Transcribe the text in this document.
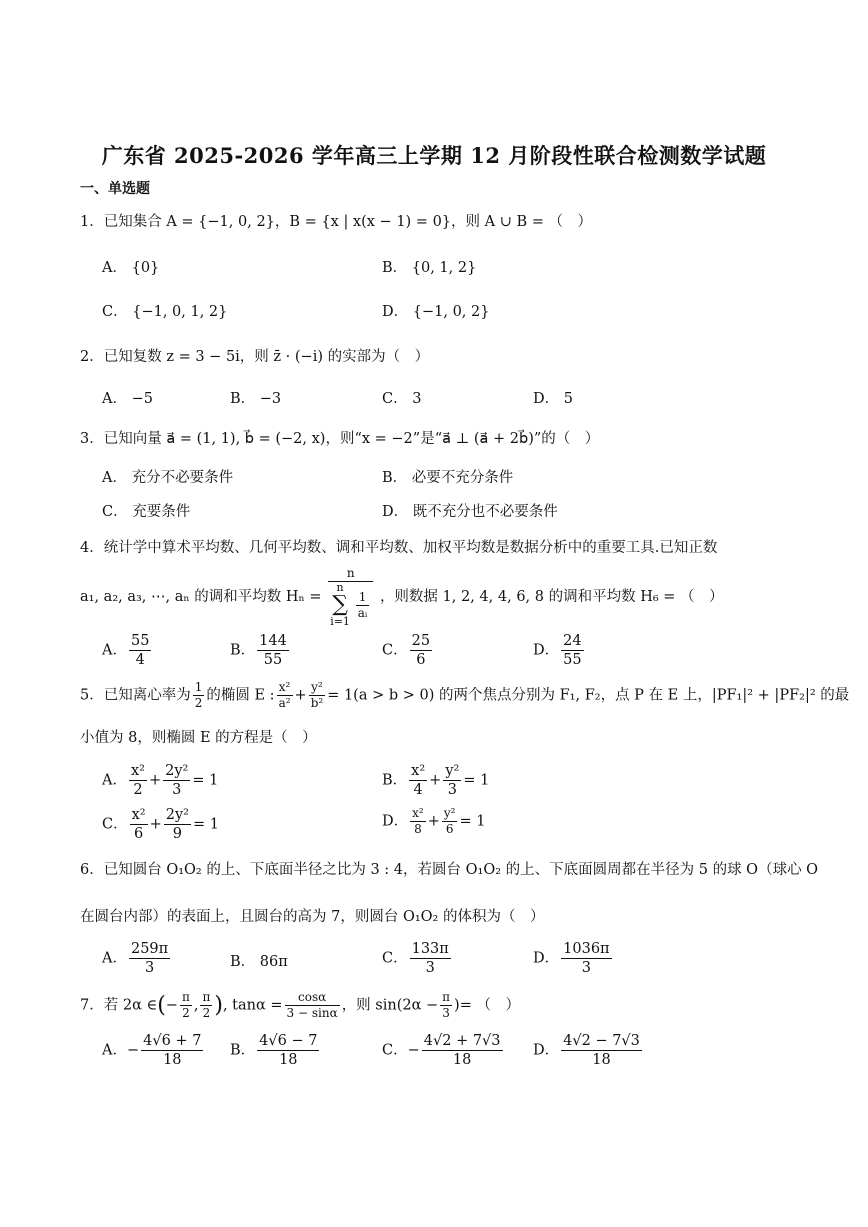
广东省 2025-2026 学年高三上学期 12 月阶段性联合检测数学试题
一、单选题
1．已知集合 A = {−1, 0, 2}，B = {x | x(x − 1) = 0}，则 A ∪ B = （　）
A． {0}	B． {0, 1, 2}
C． {−1, 0, 1, 2}	D． {−1, 0, 2}
2．已知复数 z = 3 − 5i，则 z̄ · (−i) 的实部为（　）
A． −5	B． −3	C． 3	D． 5
3．已知向量 a⃗ = (1, 1), b⃗ = (−2, x)，则“x = −2”是“a⃗ ⊥ (a⃗ + 2b⃗)”的（　）
A． 充分不必要条件	B． 必要不充分条件
C． 充要条件	D． 既不充分也不必要条件
4．统计学中算术平均数、几何平均数、调和平均数、加权平均数是数据分析中的重要工具.已知正数
a₁, a₂, a₃, ⋯, aₙ 的调和平均数 Hₙ = n
n
∑
i=1

$\frac{1}{\text{aᵢ}}$ ，则数据 1, 2, 4, 4, 6, 8 的调和平均数 H₆ = （　）
A． $\frac{55}{4}$	B． $\frac{144}{55}$	C． $\frac{25}{6}$	D． $\frac{24}{55}$
5．已知离心率为 $\frac{1}{2}$ 的椭圆 E : $\frac{\text{x²}}{\text{a²}} + \frac{\text{y²}}{\text{b²}} = 1(a > b > 0)$ 的两个焦点分别为 F₁, F₂，点 P 在 E 上，|PF₁|² + |PF₂|² 的最
小值为 8，则椭圆 E 的方程是（　）
A． $\frac{\text{x²}}{2} + \frac{\text{2y²}}{3} = 1$	B． $\frac{\text{x²}}{4} + \frac{\text{y²}}{3} = 1$
C． $\frac{\text{x²}}{6} + \frac{\text{2y²}}{9} = 1$	D． $\frac{\text{x²}}{8} + \frac{\text{y²}}{6} = 1$
6．已知圆台 O₁O₂ 的上、下底面半径之比为 3 : 4，若圆台 O₁O₂ 的上、下底面圆周都在半径为 5 的球 O（球心 O
在圆台内部）的表面上，且圆台的高为 7，则圆台 O₁O₂ 的体积为（　）
A． $\frac{259\pi}{3}$	B． 86π	C． $\frac{133\pi}{3}$	D． $\frac{1036\pi}{3}$
7．若 2α ∈(− $\frac{\pi}{2}$ , $\frac{\pi}{2}$ ), $\tan\alpha = \frac{\cos\alpha}{3 - \sin\alpha}$ ，则 $\sin(2\alpha - \frac{\pi}{3}$ )= （　）
A．− $\frac{4√6 + 7}{18}$ B． $\frac{4√6 - 7}{18}$	C．− $\frac{4√2 + 7√3}{18}$ D． $\frac{4√2 - 7√3}{18}$
